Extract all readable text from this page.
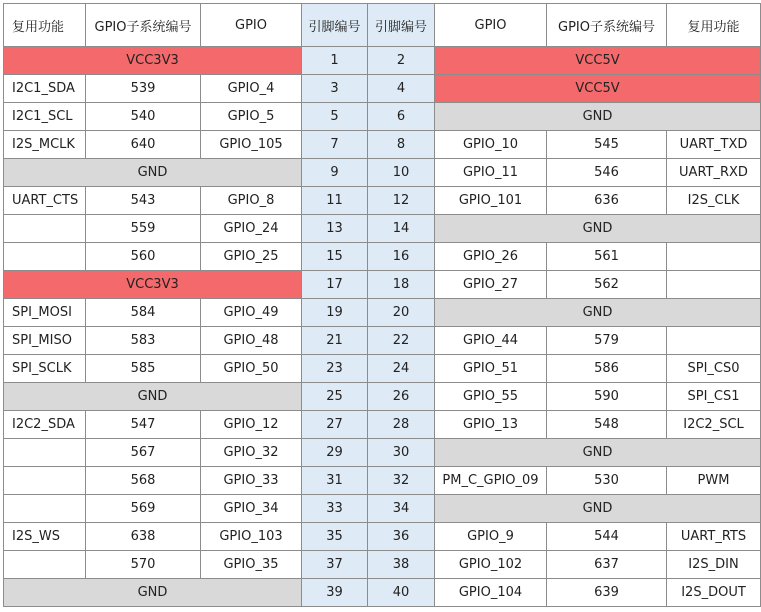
复用功能	GPIO子系统编号	GPIO	引脚编号	引脚编号	GPIO	GPIO子系统编号	复用功能
VCC3V3			1	2	VCC5V		
I2C1_SDA	539	GPIO_4	3	4	VCC5V		
I2C1_SCL	540	GPIO_5	5	6	GND		
I2S_MCLK	640	GPIO_105	7	8	GPIO_10	545	UART_TXD
GND			9	10	GPIO_11	546	UART_RXD
UART_CTS	543	GPIO_8	11	12	GPIO_101	636	I2S_CLK
	559	GPIO_24	13	14	GND		
	560	GPIO_25	15	16	GPIO_26	561	
VCC3V3			17	18	GPIO_27	562	
SPI_MOSI	584	GPIO_49	19	20	GND		
SPI_MISO	583	GPIO_48	21	22	GPIO_44	579	
SPI_SCLK	585	GPIO_50	23	24	GPIO_51	586	SPI_CS0
GND			25	26	GPIO_55	590	SPI_CS1
I2C2_SDA	547	GPIO_12	27	28	GPIO_13	548	I2C2_SCL
	567	GPIO_32	29	30	GND		
	568	GPIO_33	31	32	PM_C_GPIO_09	530	PWM
	569	GPIO_34	33	34	GND		
I2S_WS	638	GPIO_103	35	36	GPIO_9	544	UART_RTS
	570	GPIO_35	37	38	GPIO_102	637	I2S_DIN
GND			39	40	GPIO_104	639	I2S_DOUT
